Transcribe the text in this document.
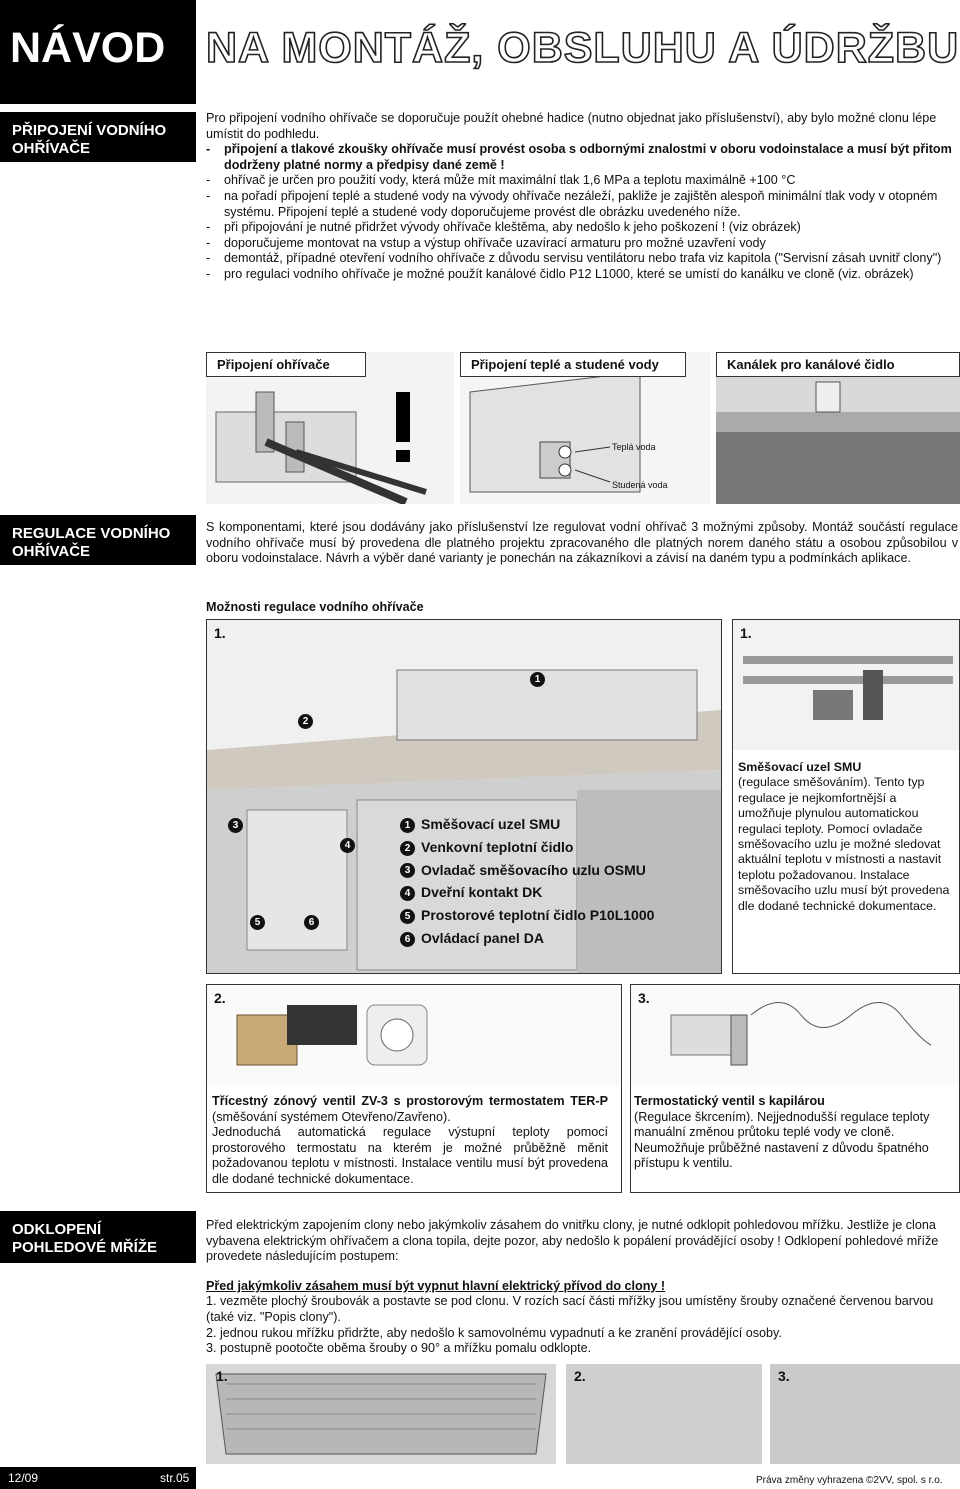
NÁVOD NA MONTÁŽ, OBSLUHU A ÚDRŽBU
PŘIPOJENÍ VODNÍHO OHŘÍVAČE
Pro připojení vodního ohřívače se doporučuje použít ohebné hadice (nutno objednat jako příslušenství), aby bylo možné clonu lépe umístit do podhledu.
-	připojení a tlakové zkoušky ohřívače musí provést osoba s odbornými znalostmi v oboru vodoinstalace a musí být přitom dodrženy platné normy a předpisy dané země !
-	ohřívač je určen pro použití vody, která může mít maximální tlak 1,6 MPa a teplotu maximálně +100 °C
-	na pořadí připojení teplé a studené vody na vývody ohřívače nezáleží, pakliže je zajištěn alespoň minimální tlak vody v otopném systému. Připojení teplé a studené vody doporučujeme provést dle obrázku uvedeného níže.
-	při připojování je nutné přidržet vývody ohřívače kleštěma, aby nedošlo k jeho poškození ! (viz obrázek)
-	doporučujeme montovat na vstup a výstup ohřívače uzavírací armaturu pro možné uzavření vody
-	demontáž, případné otevření vodního ohřívače z důvodu servisu ventilátoru nebo trafa viz kapitola ("Servisní zásah uvnitř clony")
-	pro regulaci vodního ohřívače je možné použít kanálové čidlo P12 L1000, které se umístí do kanálku ve cloně (viz. obrázek)
Připojení ohřívače
Teplá voda
Studená voda
Připojení teplé a studené vody	Kanálek pro kanálové čidlo
REGULACE VODNÍHO OHŘÍVAČE
S komponentami, které jsou dodávány jako příslušenství lze regulovat vodní ohřívač 3 možnými způsoby. Montáž součástí regulace vodního ohřívače musí bý provedena dle platného projektu zpracovaného dle platných norem daného státu a osobou způsobilou v oboru vodoinstalace. Návrh a výběr dané varianty je ponechán na zákazníkovi a závisí na daném typu a podmínkách aplikace.
Možnosti regulace vodního ohřívače
1.
2
3
4
5	6
1
1 Směšovací uzel SMU
2 Venkovní teplotní čidlo
3 Ovladač směšovacího uzlu OSMU
4 Dveřní kontakt DK
5 Prostorové teplotní čidlo P10L1000
6 Ovládací panel DA
1.
Směšovací uzel SMU
(regulace směšováním). Tento typ regulace je nejkomfortnější a umožňuje plynulou automatickou regulaci teploty. Pomocí ovladače směšovacího uzlu je možné sledovat aktuální teplotu v místnosti a nastavit teplotu požadovanou. Instalace směšovacího uzlu musí být provedena dle dodané technické dokumentace.
2.
Třícestný zónový ventil ZV-3 s prostorovým termostatem TER-P (směšování systémem Otevřeno/Zavřeno).
Jednoduchá automatická regulace výstupní teploty pomocí prostorového termostatu na kterém je možné průběžně měnit požadovanou teplotu v místnosti. Instalace ventilu musí být provedena dle dodané technické dokumentace.
3.
Termostatický ventil s kapilárou
(Regulace škrcením). Nejjednodušší regulace teploty manuální změnou průtoku teplé vody ve cloně. Neumožňuje průběžné nastavení z důvodu špatného přístupu k ventilu.
ODKLOPENÍ POHLEDOVÉ MŘÍŽE
Před elektrickým zapojením clony nebo jakýmkoliv zásahem do vnitřku clony, je nutné odklopit pohledovou mřížku. Jestliže je clona vybavena elektrickým ohřívačem a clona topila, dejte pozor, aby nedošlo k popálení provádějící osoby ! Odklopení pohledové mříže provedete následujícím postupem:
Před jakýmkoliv zásahem musí být vypnut hlavní elektrický přívod do clony !
1. vezměte plochý šroubovák a postavte se pod clonu. V rozích sací části mřížky jsou umístěny šrouby označené červenou barvou (také viz. "Popis clony").
2. jednou rukou mřížku přidržte, aby nedošlo k samovolnému vypadnutí a ke zranění provádějící osoby.
3. postupně pootočte oběma šrouby o 90° a mřížku pomalu odklopte.
1.	2.	3.
12/09	str.05	Práva změny vyhrazena ©2VV, spol. s r.o.
